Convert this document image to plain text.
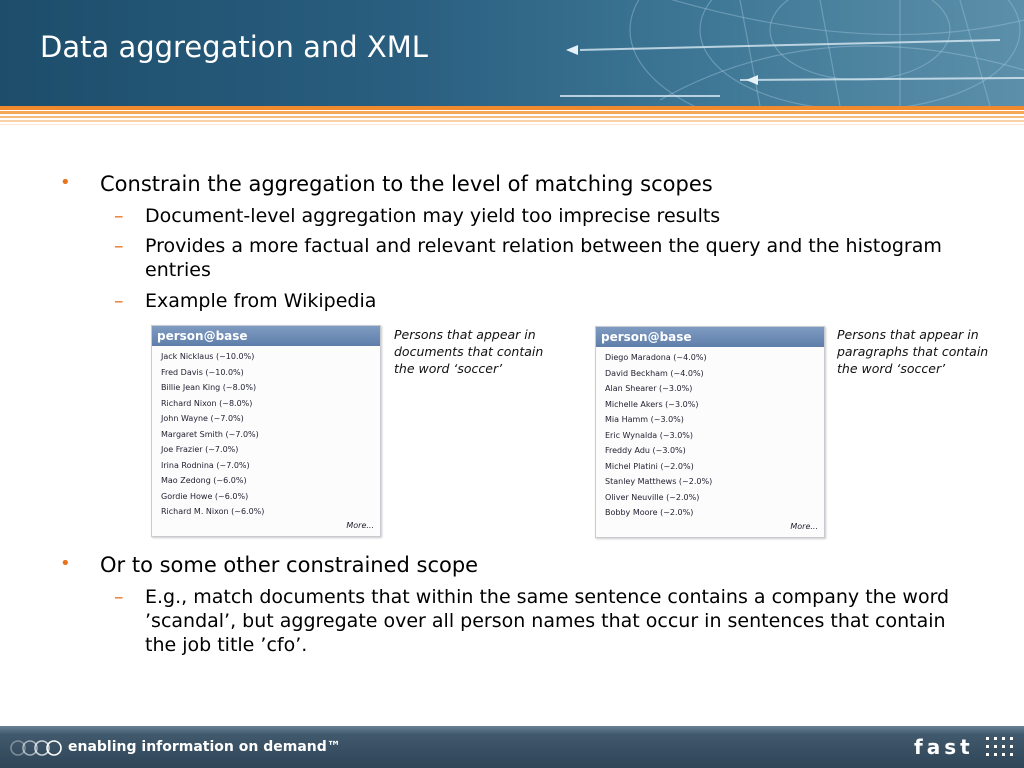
Data aggregation and XML
• Constrain the aggregation to the level of matching scopes
– Document-level aggregation may yield too imprecise results
– Provides a more factual and relevant relation between the query and the histogram entries
– Example from Wikipedia
person@base
Jack Nicklaus (~10.0%)
Fred Davis (~10.0%)
Billie Jean King (~8.0%)
Richard Nixon (~8.0%)
John Wayne (~7.0%)
Margaret Smith (~7.0%)
Joe Frazier (~7.0%)
Irina Rodnina (~7.0%)
Mao Zedong (~6.0%)
Gordie Howe (~6.0%)
Richard M. Nixon (~6.0%)
More...
Persons that appear in documents that contain the word ‘soccer’
person@base
Diego Maradona (~4.0%)
David Beckham (~4.0%)
Alan Shearer (~3.0%)
Michelle Akers (~3.0%)
Mia Hamm (~3.0%)
Eric Wynalda (~3.0%)
Freddy Adu (~3.0%)
Michel Platini (~2.0%)
Stanley Matthews (~2.0%)
Oliver Neuville (~2.0%)
Bobby Moore (~2.0%)
More...
Persons that appear in paragraphs that contain the word ‘soccer’
• Or to some other constrained scope
– E.g., match documents that within the same sentence contains a company the word ’scandal’, but aggregate over all person names that occur in sentences that contain the job title ’cfo’.
enabling information on demand™	fast
